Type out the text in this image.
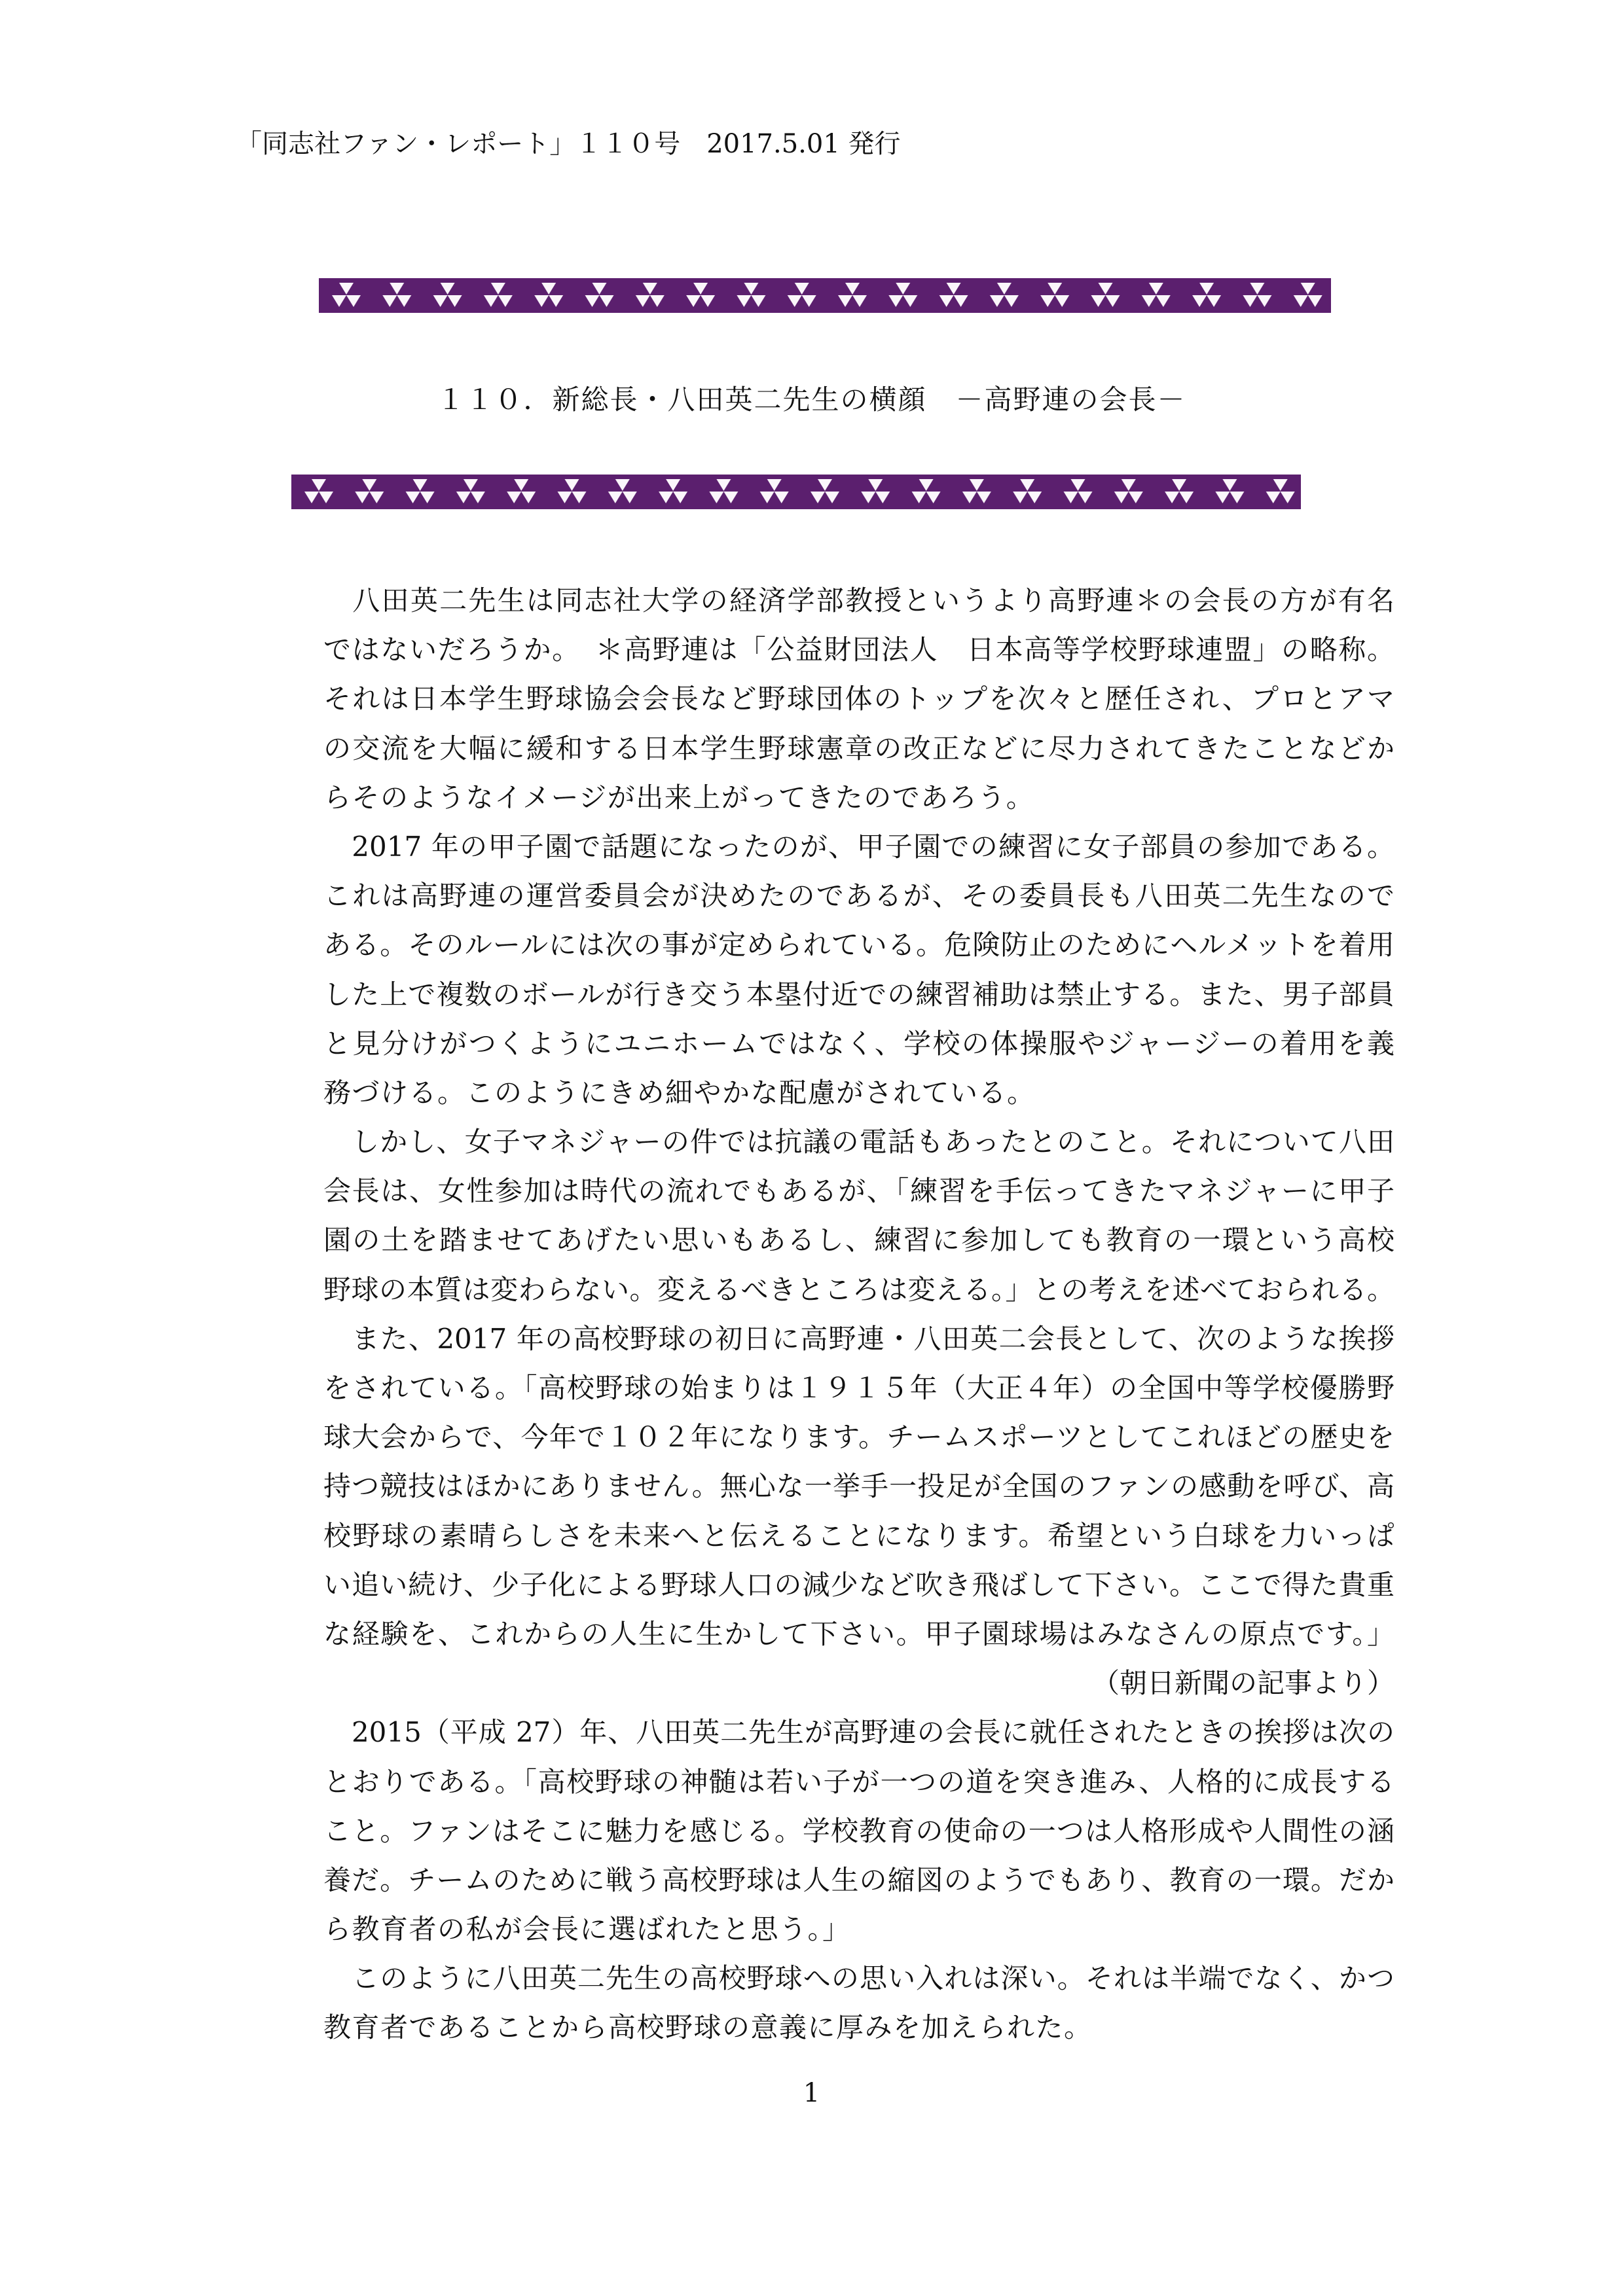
「同志社ファン・レポート」１１０号　2017.5.01 発行
１１０．新総長・八田英二先生の横顔　－高野連の会長－
　八田英二先生は同志社大学の経済学部教授というより高野連＊の会長の方が有名
ではないだろうか。　＊高野連は「公益財団法人　日本高等学校野球連盟」の略称。
それは日本学生野球協会会長など野球団体のトップを次々と歴任され、プロとアマ
の交流を大幅に緩和する日本学生野球憲章の改正などに尽力されてきたことなどか
らそのようなイメージが出来上がってきたのであろう。
　2017 年の甲子園で話題になったのが、甲子園での練習に女子部員の参加である。
これは高野連の運営委員会が決めたのであるが、その委員長も八田英二先生なので
ある。そのルールには次の事が定められている。危険防止のためにヘルメットを着用
した上で複数のボールが行き交う本塁付近での練習補助は禁止する。また、男子部員
と見分けがつくようにユニホームではなく、学校の体操服やジャージーの着用を義
務づける。このようにきめ細やかな配慮がされている。
　しかし、女子マネジャーの件では抗議の電話もあったとのこと。それについて八田
会長は、女性参加は時代の流れでもあるが、「練習を手伝ってきたマネジャーに甲子
園の土を踏ませてあげたい思いもあるし、練習に参加しても教育の一環という高校
野球の本質は変わらない。変えるべきところは変える。」との考えを述べておられる。
　また、2017 年の高校野球の初日に高野連・八田英二会長として、次のような挨拶
をされている。「高校野球の始まりは１９１５年（大正４年）の全国中等学校優勝野
球大会からで、今年で１０２年になります。チームスポーツとしてこれほどの歴史を
持つ競技はほかにありません。無心な一挙手一投足が全国のファンの感動を呼び、高
校野球の素晴らしさを未来へと伝えることになります。希望という白球を力いっぱ
い追い続け、少子化による野球人口の減少など吹き飛ばして下さい。ここで得た貴重
な経験を、これからの人生に生かして下さい。甲子園球場はみなさんの原点です。」
（朝日新聞の記事より）
　2015（平成 27）年、八田英二先生が高野連の会長に就任されたときの挨拶は次の
とおりである。「高校野球の神髄は若い子が一つの道を突き進み、人格的に成長する
こと。ファンはそこに魅力を感じる。学校教育の使命の一つは人格形成や人間性の涵
養だ。チームのために戦う高校野球は人生の縮図のようでもあり、教育の一環。だか
ら教育者の私が会長に選ばれたと思う。」
　このように八田英二先生の高校野球への思い入れは深い。それは半端でなく、かつ
教育者であることから高校野球の意義に厚みを加えられた。
1
